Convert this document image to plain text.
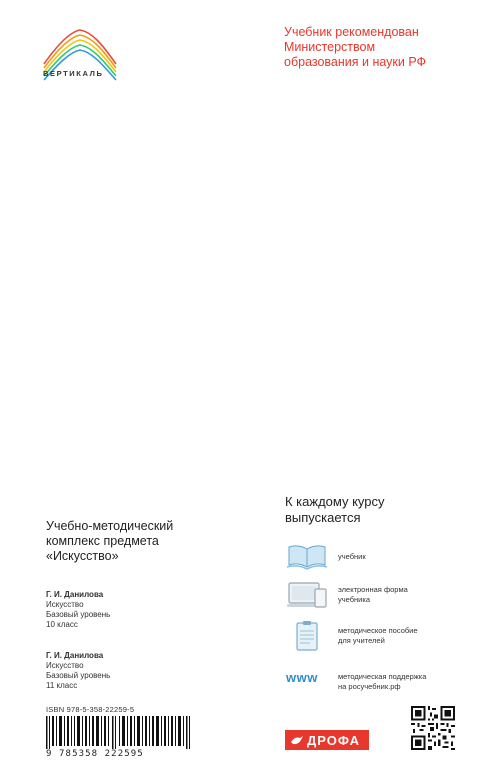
ВЕРТИКАЛЬ
Учебник рекомендован
Министерством
образования и науки РФ
Учебно-методический
комплекс предмета
«Искусство»
Г. И. Данилова
Искусство
Базовый уровень
10 класс
Г. И. Данилова
Искусство
Базовый уровень
11 класс
ISBN 978-5-358-22259-5
9 785358 222595
К каждому курсу
выпускается
учебник
электронная форма
учебника
методическое пособие
для учителей
www	методическая поддержка
на росучебник.рф
ДРОФА
